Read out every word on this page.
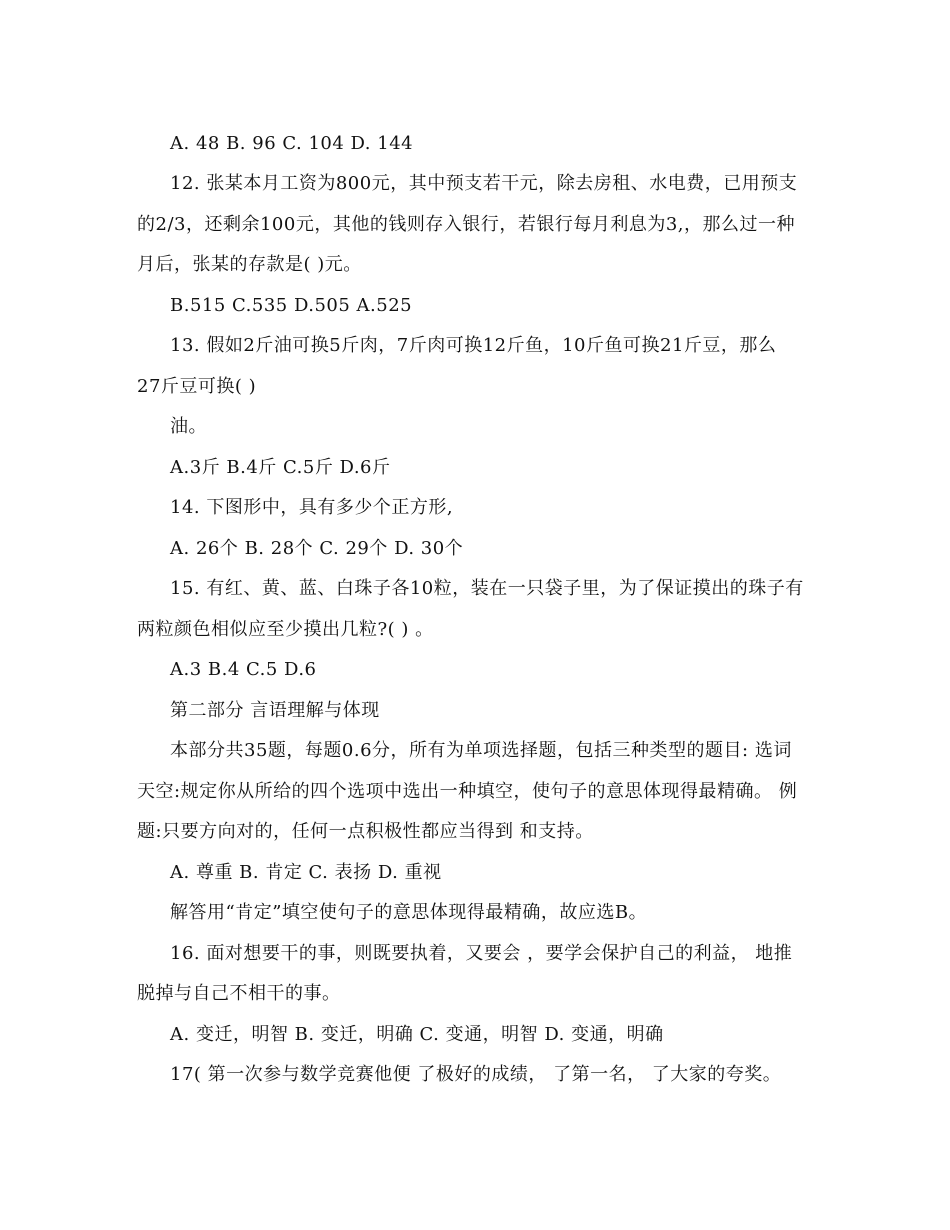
A. 48 B. 96 C. 104 D. 144
12. 张某本月工资为800元，其中预支若干元，除去房租、水电费，已用预支
的2/3，还剩余100元，其他的钱则存入银行，若银行每月利息为3,，那么过一种
月后，张某的存款是( )元。
B.515 C.535 D.505 A.525
13. 假如2斤油可换5斤肉，7斤肉可换12斤鱼，10斤鱼可换21斤豆，那么
27斤豆可换( )
油。
A.3斤 B.4斤 C.5斤 D.6斤
14. 下图形中，具有多少个正方形,
A. 26个 B. 28个 C. 29个 D. 30个
15. 有红、黄、蓝、白珠子各10粒，装在一只袋子里，为了保证摸出的珠子有
两粒颜色相似应至少摸出几粒?( ) 。
A.3 B.4 C.5 D.6
第二部分 言语理解与体现
本部分共35题，每题0.6分，所有为单项选择题，包括三种类型的题目: 选词
天空:规定你从所给的四个选项中选出一种填空，使句子的意思体现得最精确。 例
题:只要方向对的，任何一点积极性都应当得到 和支持。
A. 尊重 B. 肯定 C. 表扬 D. 重视
解答用“肯定”填空使句子的意思体现得最精确，故应选B。
16. 面对想要干的事，则既要执着，又要会 ，要学会保护自己的利益， 地推
脱掉与自己不相干的事。
A. 变迁，明智 B. 变迁，明确 C. 变通，明智 D. 变通，明确
17( 第一次参与数学竞赛他便 了极好的成绩， 了第一名， 了大家的夸奖。
